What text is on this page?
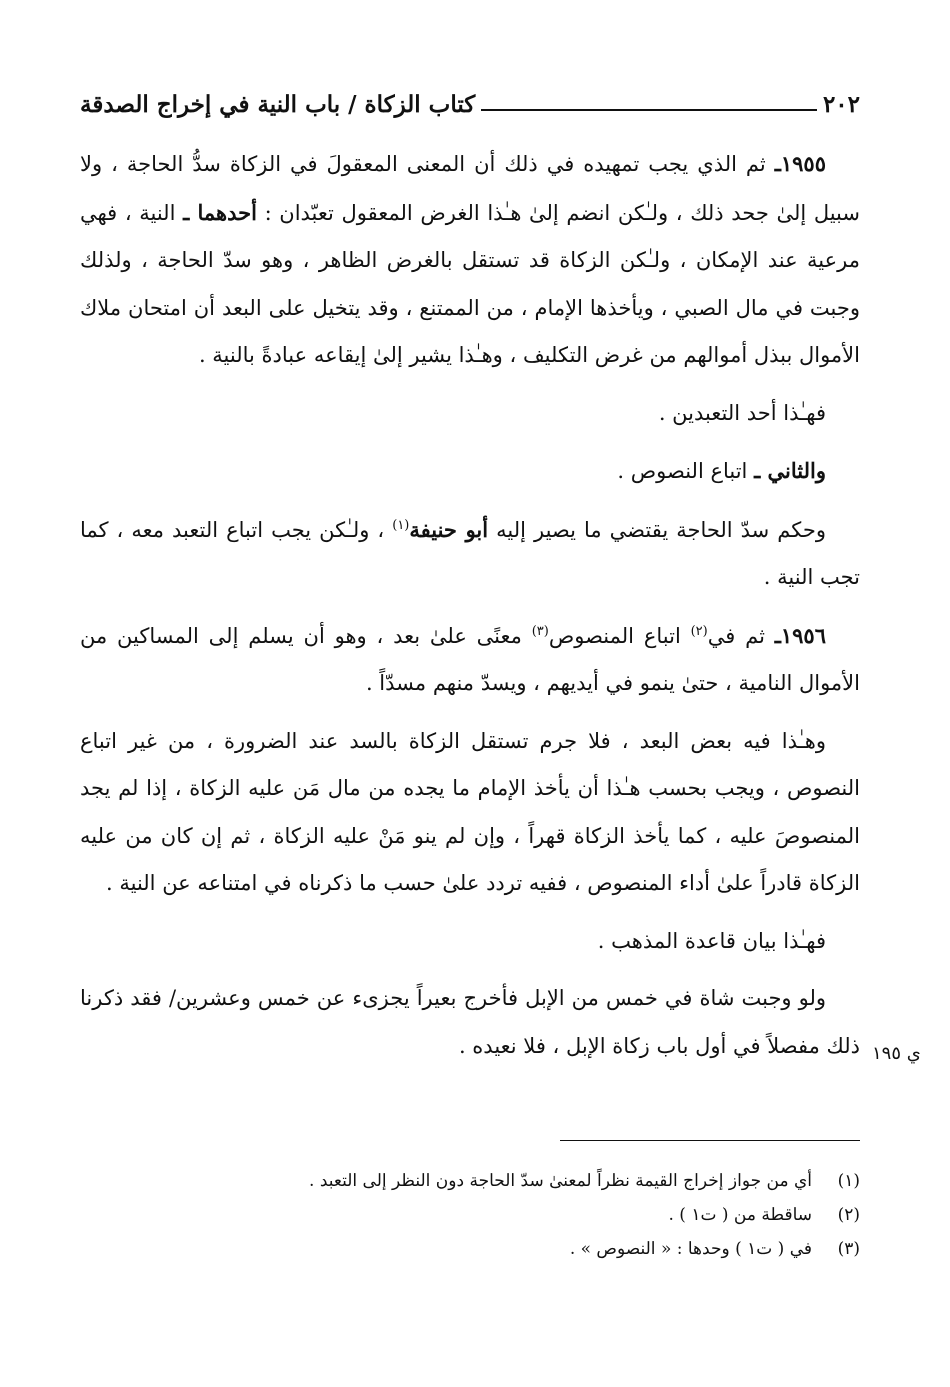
٢٠٢
كتاب الزكاة / باب النية في إخراج الصدقة

١٩٥٥ـ ثم الذي يجب تمهيده في ذلك أن المعنى المعقولَ في الزكاة سدُّ الحاجة ، ولا سبيل إلىٰ جحد ذلك ، ولـٰكن انضم إلىٰ هـٰذا الغرض المعقول تعبّدان : أحدهما ـ النية ، فهي مرعية عند الإمكان ، ولـٰكن الزكاة قد تستقل بالغرض الظاهر ، وهو سدّ الحاجة ، ولذلك وجبت في مال الصبي ، ويأخذها الإمام ، من الممتنع ، وقد يتخيل على البعد أن امتحان ملاك الأموال ببذل أموالهم من غرض التكليف ، وهـٰذا يشير إلىٰ إيقاعه عبادةً بالنية .

فهـٰذا أحد التعبدين .

والثاني ـ اتباع النصوص .

وحكم سدّ الحاجة يقتضي ما يصير إليه أبو حنيفة$^{(١)}$ ، ولـٰكن يجب اتباع التعبد معه ، كما تجب النية .

١٩٥٦ـ ثم في$^{(٢)}$ اتباع المنصوص$^{(٣)}$ معنًى علىٰ بعد ، وهو أن يسلم إلى المساكين من الأموال النامية ، حتىٰ ينمو في أيديهم ، ويسدّ منهم مسدّاً .

وهـٰذا فيه بعض البعد ، فلا جرم تستقل الزكاة بالسد عند الضرورة ، من غير اتباع النصوص ، ويجب بحسب هـٰذا أن يأخذ الإمام ما يجده من مال مَن عليه الزكاة ، إذا لم يجد المنصوصَ عليه ، كما يأخذ الزكاة قهراً ، وإن لم ينو مَنْ عليه الزكاة ، ثم إن كان من عليه الزكاة قادراً علىٰ أداء المنصوص ، ففيه تردد علىٰ حسب ما ذكرناه في امتناعه عن النية .

فهـٰذا بيان قاعدة المذهب .

ولو وجبت شاة في خمس من الإبل فأخرج بعيراً يجزىء عن خمس وعشرين/ فقد ذكرنا ذلك مفصلاً في أول باب زكاة الإبل ، فلا نعيده . ي ١٩٥
(١)
أي من جواز إخراج القيمة نظراً لمعنىٰ سدّ الحاجة دون النظر إلى التعبد .
(٢)
ساقطة من ( ت١ ) .
(٣)
في ( ت١ ) وحدها : « النصوص » .
